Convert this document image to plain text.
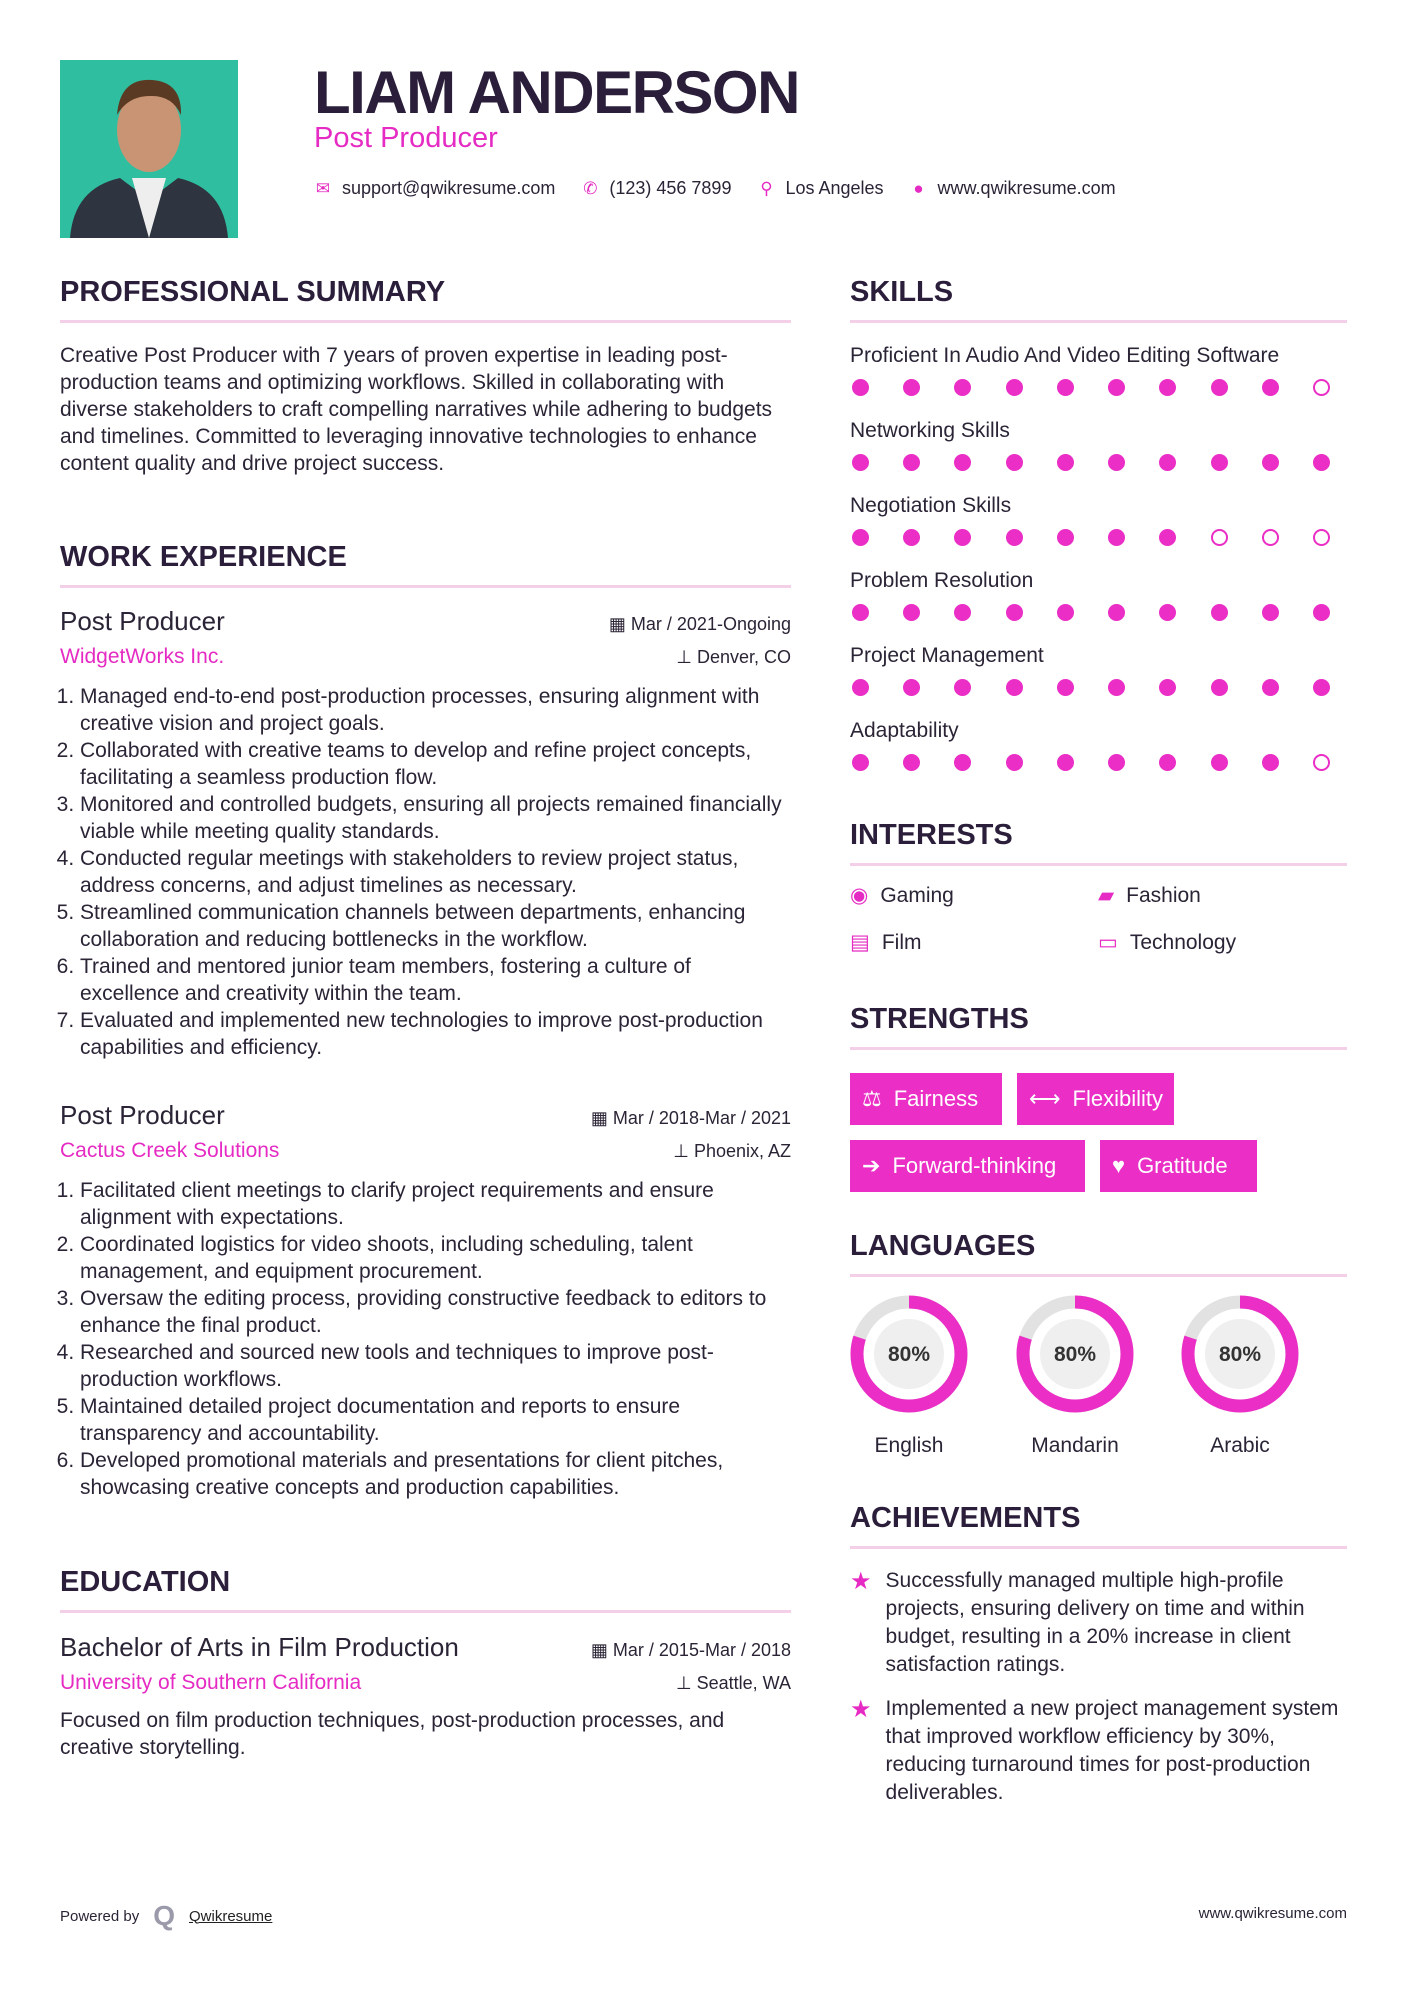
LIAM ANDERSON
Post Producer
✉ support@qwikresume.com ✆ (123) 456 7899 ⚲ Los Angeles ● www.qwikresume.com
PROFESSIONAL SUMMARY
Creative Post Producer with 7 years of proven expertise in leading post-production teams and optimizing workflows. Skilled in collaborating with diverse stakeholders to craft compelling narratives while adhering to budgets and timelines. Committed to leveraging innovative technologies to enhance content quality and drive project success.
WORK EXPERIENCE
Post Producer	▦ Mar / 2021-Ongoing
WidgetWorks Inc.	⊥ Denver, CO
1. Managed end-to-end post-production processes, ensuring alignment with creative vision and project goals.
2. Collaborated with creative teams to develop and refine project concepts, facilitating a seamless production flow.
3. Monitored and controlled budgets, ensuring all projects remained financially viable while meeting quality standards.
4. Conducted regular meetings with stakeholders to review project status, address concerns, and adjust timelines as necessary.
5. Streamlined communication channels between departments, enhancing collaboration and reducing bottlenecks in the workflow.
6. Trained and mentored junior team members, fostering a culture of excellence and creativity within the team.
7. Evaluated and implemented new technologies to improve post-production capabilities and efficiency.
Post Producer	▦ Mar / 2018-Mar / 2021
Cactus Creek Solutions	⊥ Phoenix, AZ
1. Facilitated client meetings to clarify project requirements and ensure alignment with expectations.
2. Coordinated logistics for video shoots, including scheduling, talent management, and equipment procurement.
3. Oversaw the editing process, providing constructive feedback to editors to enhance the final product.
4. Researched and sourced new tools and techniques to improve post-production workflows.
5. Maintained detailed project documentation and reports to ensure transparency and accountability.
6. Developed promotional materials and presentations for client pitches, showcasing creative concepts and production capabilities.
EDUCATION
Bachelor of Arts in Film Production	▦ Mar / 2015-Mar / 2018
University of Southern California	⊥ Seattle, WA
Focused on film production techniques, post-production processes, and creative storytelling.
SKILLS
Proficient In Audio And Video Editing Software
Networking Skills
Negotiation Skills
Problem Resolution
Project Management
Adaptability
INTERESTS
◉ Gaming	▰ Fashion
▤ Film	▭ Technology
STRENGTHS
⚖ Fairness ⟷ Flexibility
➔ Forward-thinking	♥ Gratitude
LANGUAGES
80%
English
80%
Mandarin
80%
Arabic
ACHIEVEMENTS
★ Successfully managed multiple high-profile projects, ensuring delivery on time and within budget, resulting in a 20% increase in client satisfaction ratings.
★ Implemented a new project management system that improved workflow efficiency by 30%, reducing turnaround times for post-production deliverables.
Powered by Q Qwikresume	www.qwikresume.com
